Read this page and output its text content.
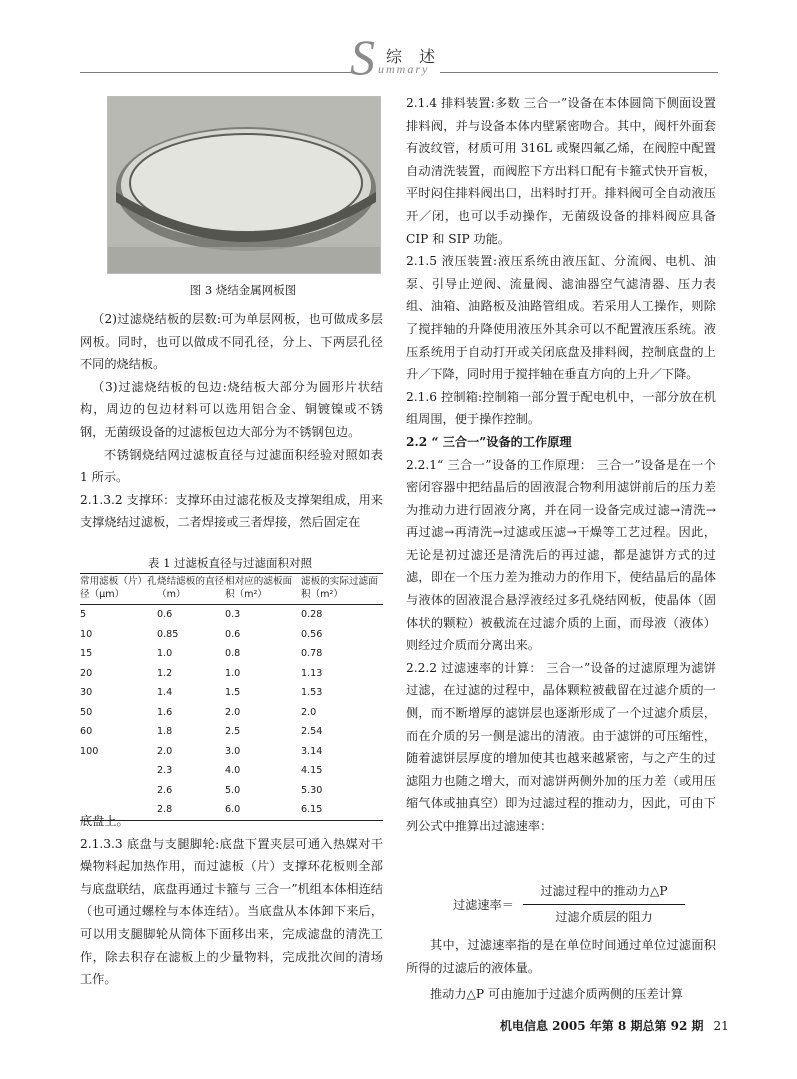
S 综 述
ummary
图 3 烧结金属网板图

（2)过滤烧结板的层数:可为单层网板，也可做成多层网板。同时，也可以做成不同孔径，分上、下两层孔径不同的烧结板。

（3)过滤烧结板的包边:烧结板大部分为圆形片状结构，周边的包边材料可以选用铝合金、铜镀镍或不锈钢，无菌级设备的过滤板包边大部分为不锈钢包边。

不锈钢烧结网过滤板直径与过滤面积经验对照如表 1 所示。

2.1.3.2 支撑环：支撑环由过滤花板及支撑架组成，用来支撑烧结过滤板，二者焊接或三者焊接，然后固定在

表 1 过滤板直径与过滤面积对照
常用滤板（片）孔径（μm）	烧结滤板的直径（m）	相对应的滤板面积（m²）	滤板的实际过滤面积（m²）
5	0.6	0.3	0.28
10	0.85	0.6	0.56
15	1.0	0.8	0.78
20	1.2	1.0	1.13
30	1.4	1.5	1.53
50	1.6	2.0	2.0
60	1.8	2.5	2.54
100	2.0	3.0	3.14
	2.3	4.0	4.15
	2.6	5.0	5.30
	2.8	6.0	6.15

底盘上。

2.1.3.3 底盘与支腿脚轮:底盘下置夹层可通入热媒对干燥物料起加热作用，而过滤板（片）支撑环花板则全部与底盘联结，底盘再通过卡箍与 三合一”机组本体相连结（也可通过螺栓与本体连结）。当底盘从本体卸下来后，可以用支腿脚轮从筒体下面移出来，完成滤盘的清洗工作，除去积存在滤板上的少量物料，完成批次间的清场工作。

2.1.4 排料装置:多数 三合一”设备在本体圆筒下侧面设置排料阀，并与设备本体内壁紧密吻合。其中，阀杆外面套有波纹管，材质可用 316L 或聚四氟乙烯，在阀腔中配置自动清洗装置，而阀腔下方出料口配有卡箍式快开盲板，平时闷住排料阀出口，出料时打开。排料阀可全自动液压开／闭，也可以手动操作，无菌级设备的排料阀应具备 CIP 和 SIP 功能。

2.1.5 液压装置:液压系统由液压缸、分流阀、电机、油泵、引导止逆阀、流量阀、滤油器空气滤清器、压力表组、油箱、油路板及油路管组成。若采用人工操作，则除了搅拌轴的升降使用液压外其余可以不配置液压系统。液压系统用于自动打开或关闭底盘及排料阀，控制底盘的上升／下降，同时用于搅拌轴在垂直方向的上升／下降。

2.1.6 控制箱:控制箱一部分置于配电机中，一部分放在机组周围，便于操作控制。

2.2 “ 三合一”设备的工作原理

2.2.1“ 三合一”设备的工作原理： 三合一”设备是在一个密闭容器中把结晶后的固液混合物利用滤饼前后的压力差为推动力进行固液分离，并在同一设备完成过滤→清洗→再过滤→再清洗→过滤或压滤→干燥等工艺过程。因此，无论是初过滤还是清洗后的再过滤，都是滤饼方式的过滤，即在一个压力差为推动力的作用下，使结晶后的晶体与液体的固液混合悬浮液经过多孔烧结网板，使晶体（固体状的颗粒）被截流在过滤介质的上面，而母液（液体）则经过介质而分离出来。

2.2.2 过滤速率的计算： 三合一”设备的过滤原理为滤饼过滤，在过滤的过程中，晶体颗粒被截留在过滤介质的一侧，而不断增厚的滤饼层也逐渐形成了一个过滤介质层，而在介质的另一侧是滤出的清液。由于滤饼的可压缩性，随着滤饼层厚度的增加使其也越来越紧密，与之产生的过滤阻力也随之增大，而对滤饼两侧外加的压力差（或用压缩气体或抽真空）即为过滤过程的推动力，因此，可由下列公式中推算出过滤速率：

过滤速率＝
过滤过程中的推动力△P
过滤介质层的阻力

其中，过滤速率指的是在单位时间通过单位过滤面积所得的过滤后的液体量。

推动力△P 可由施加于过滤介质两侧的压差计算

机电信息 2005 年第 8 期总第 92 期 21
